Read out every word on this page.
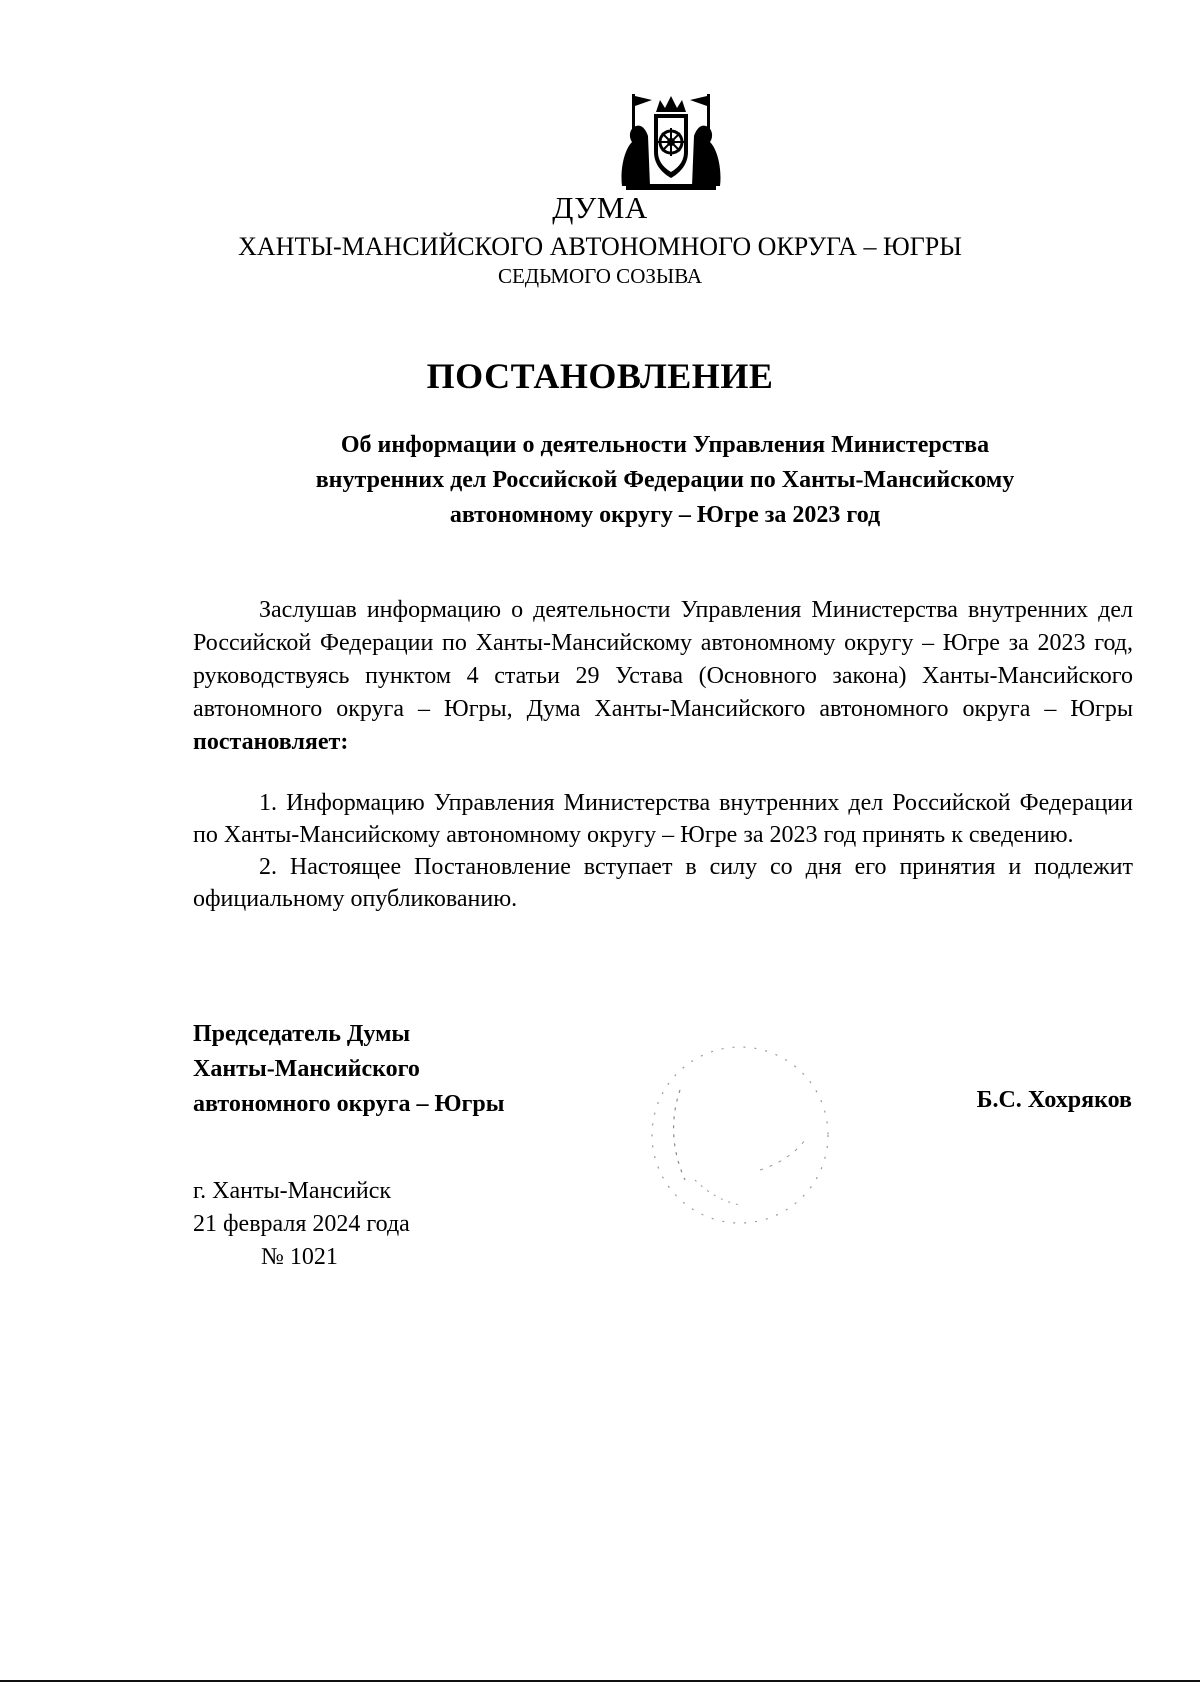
ДУМА
ХАНТЫ-МАНСИЙСКОГО АВТОНОМНОГО ОКРУГА – ЮГРЫ
СЕДЬМОГО СОЗЫВА
ПОСТАНОВЛЕНИЕ
Об информации о деятельности Управления Министерства
внутренних дел Российской Федерации по Ханты-Мансийскому
автономному округу – Югре за 2023 год

Заслушав информацию о деятельности Управления Министерства внутренних дел Российской Федерации по Ханты-Мансийскому автономному округу – Югре за 2023 год, руководствуясь пунктом 4 статьи 29 Устава (Основного закона) Ханты-Мансийского автономного округа – Югры, Дума Ханты-Мансийского автономного округа – Югры постановляет:

1. Информацию Управления Министерства внутренних дел Российской Федерации по Ханты-Мансийскому автономному округу – Югре за 2023 год принять к сведению.
2. Настоящее Постановление вступает в силу со дня его принятия и подлежит официальному опубликованию.
Председатель Думы
Ханты-Мансийского
автономного округа – Югры	Б.С. Хохряков
г. Ханты-Мансийск
21 февраля 2024 года
№ 1021
